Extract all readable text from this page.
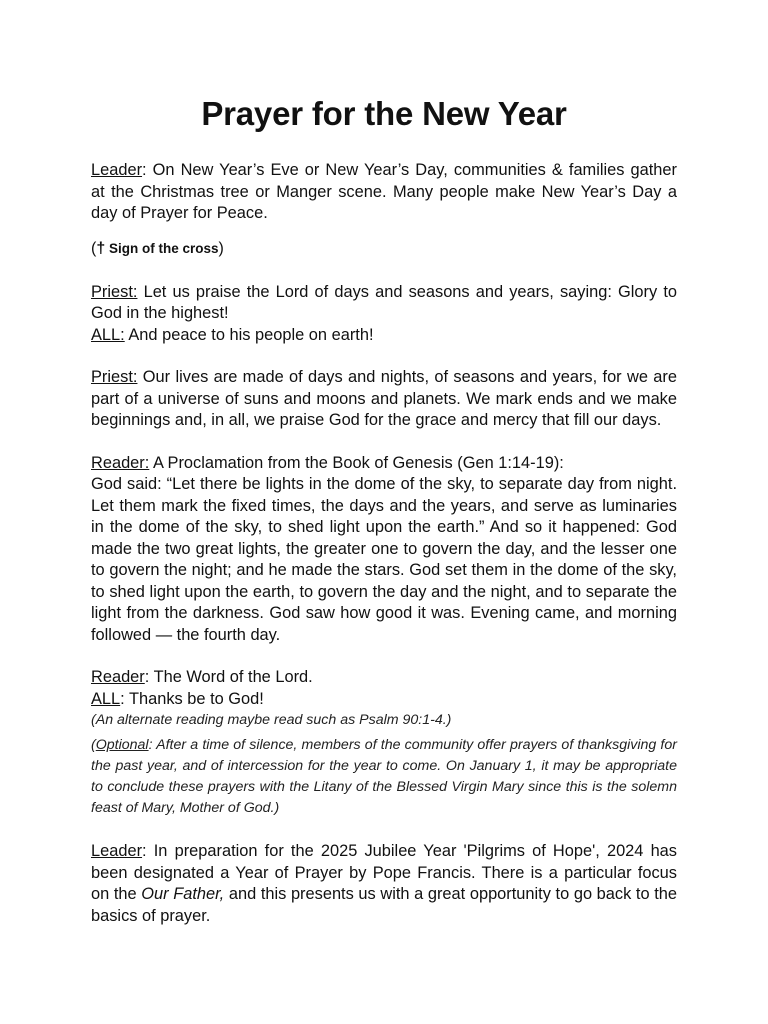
Prayer for the New Year

Leader: On New Year’s Eve or New Year’s Day, communities & families gather at the Christmas tree or Manger scene. Many people make New Year’s Day a day of Prayer for Peace.

(† Sign of the cross)

Priest: Let us praise the Lord of days and seasons and years, saying: Glory to God in the highest!

ALL: And peace to his people on earth!

Priest: Our lives are made of days and nights, of seasons and years, for we are part of a universe of suns and moons and planets. We mark ends and we make beginnings and, in all, we praise God for the grace and mercy that fill our days.

Reader: A Proclamation from the Book of Genesis (Gen 1:14-19):

God said: “Let there be lights in the dome of the sky, to separate day from night. Let them mark the fixed times, the days and the years, and serve as luminaries in the dome of the sky, to shed light upon the earth.” And so it happened: God made the two great lights, the greater one to govern the day, and the lesser one to govern the night; and he made the stars. God set them in the dome of the sky, to shed light upon the earth, to govern the day and the night, and to separate the light from the darkness. God saw how good it was. Evening came, and morning followed — the fourth day.

Reader: The Word of the Lord.

ALL: Thanks be to God!

(An alternate reading maybe read such as Psalm 90:1-4.)

(Optional: After a time of silence, members of the community offer prayers of thanksgiving for the past year, and of intercession for the year to come. On January 1, it may be appropriate to conclude these prayers with the Litany of the Blessed Virgin Mary since this is the solemn feast of Mary, Mother of God.)

Leader: In preparation for the 2025 Jubilee Year 'Pilgrims of Hope', 2024 has been designated a Year of Prayer by Pope Francis. There is a particular focus on the Our Father, and this presents us with a great opportunity to go back to the basics of prayer.
